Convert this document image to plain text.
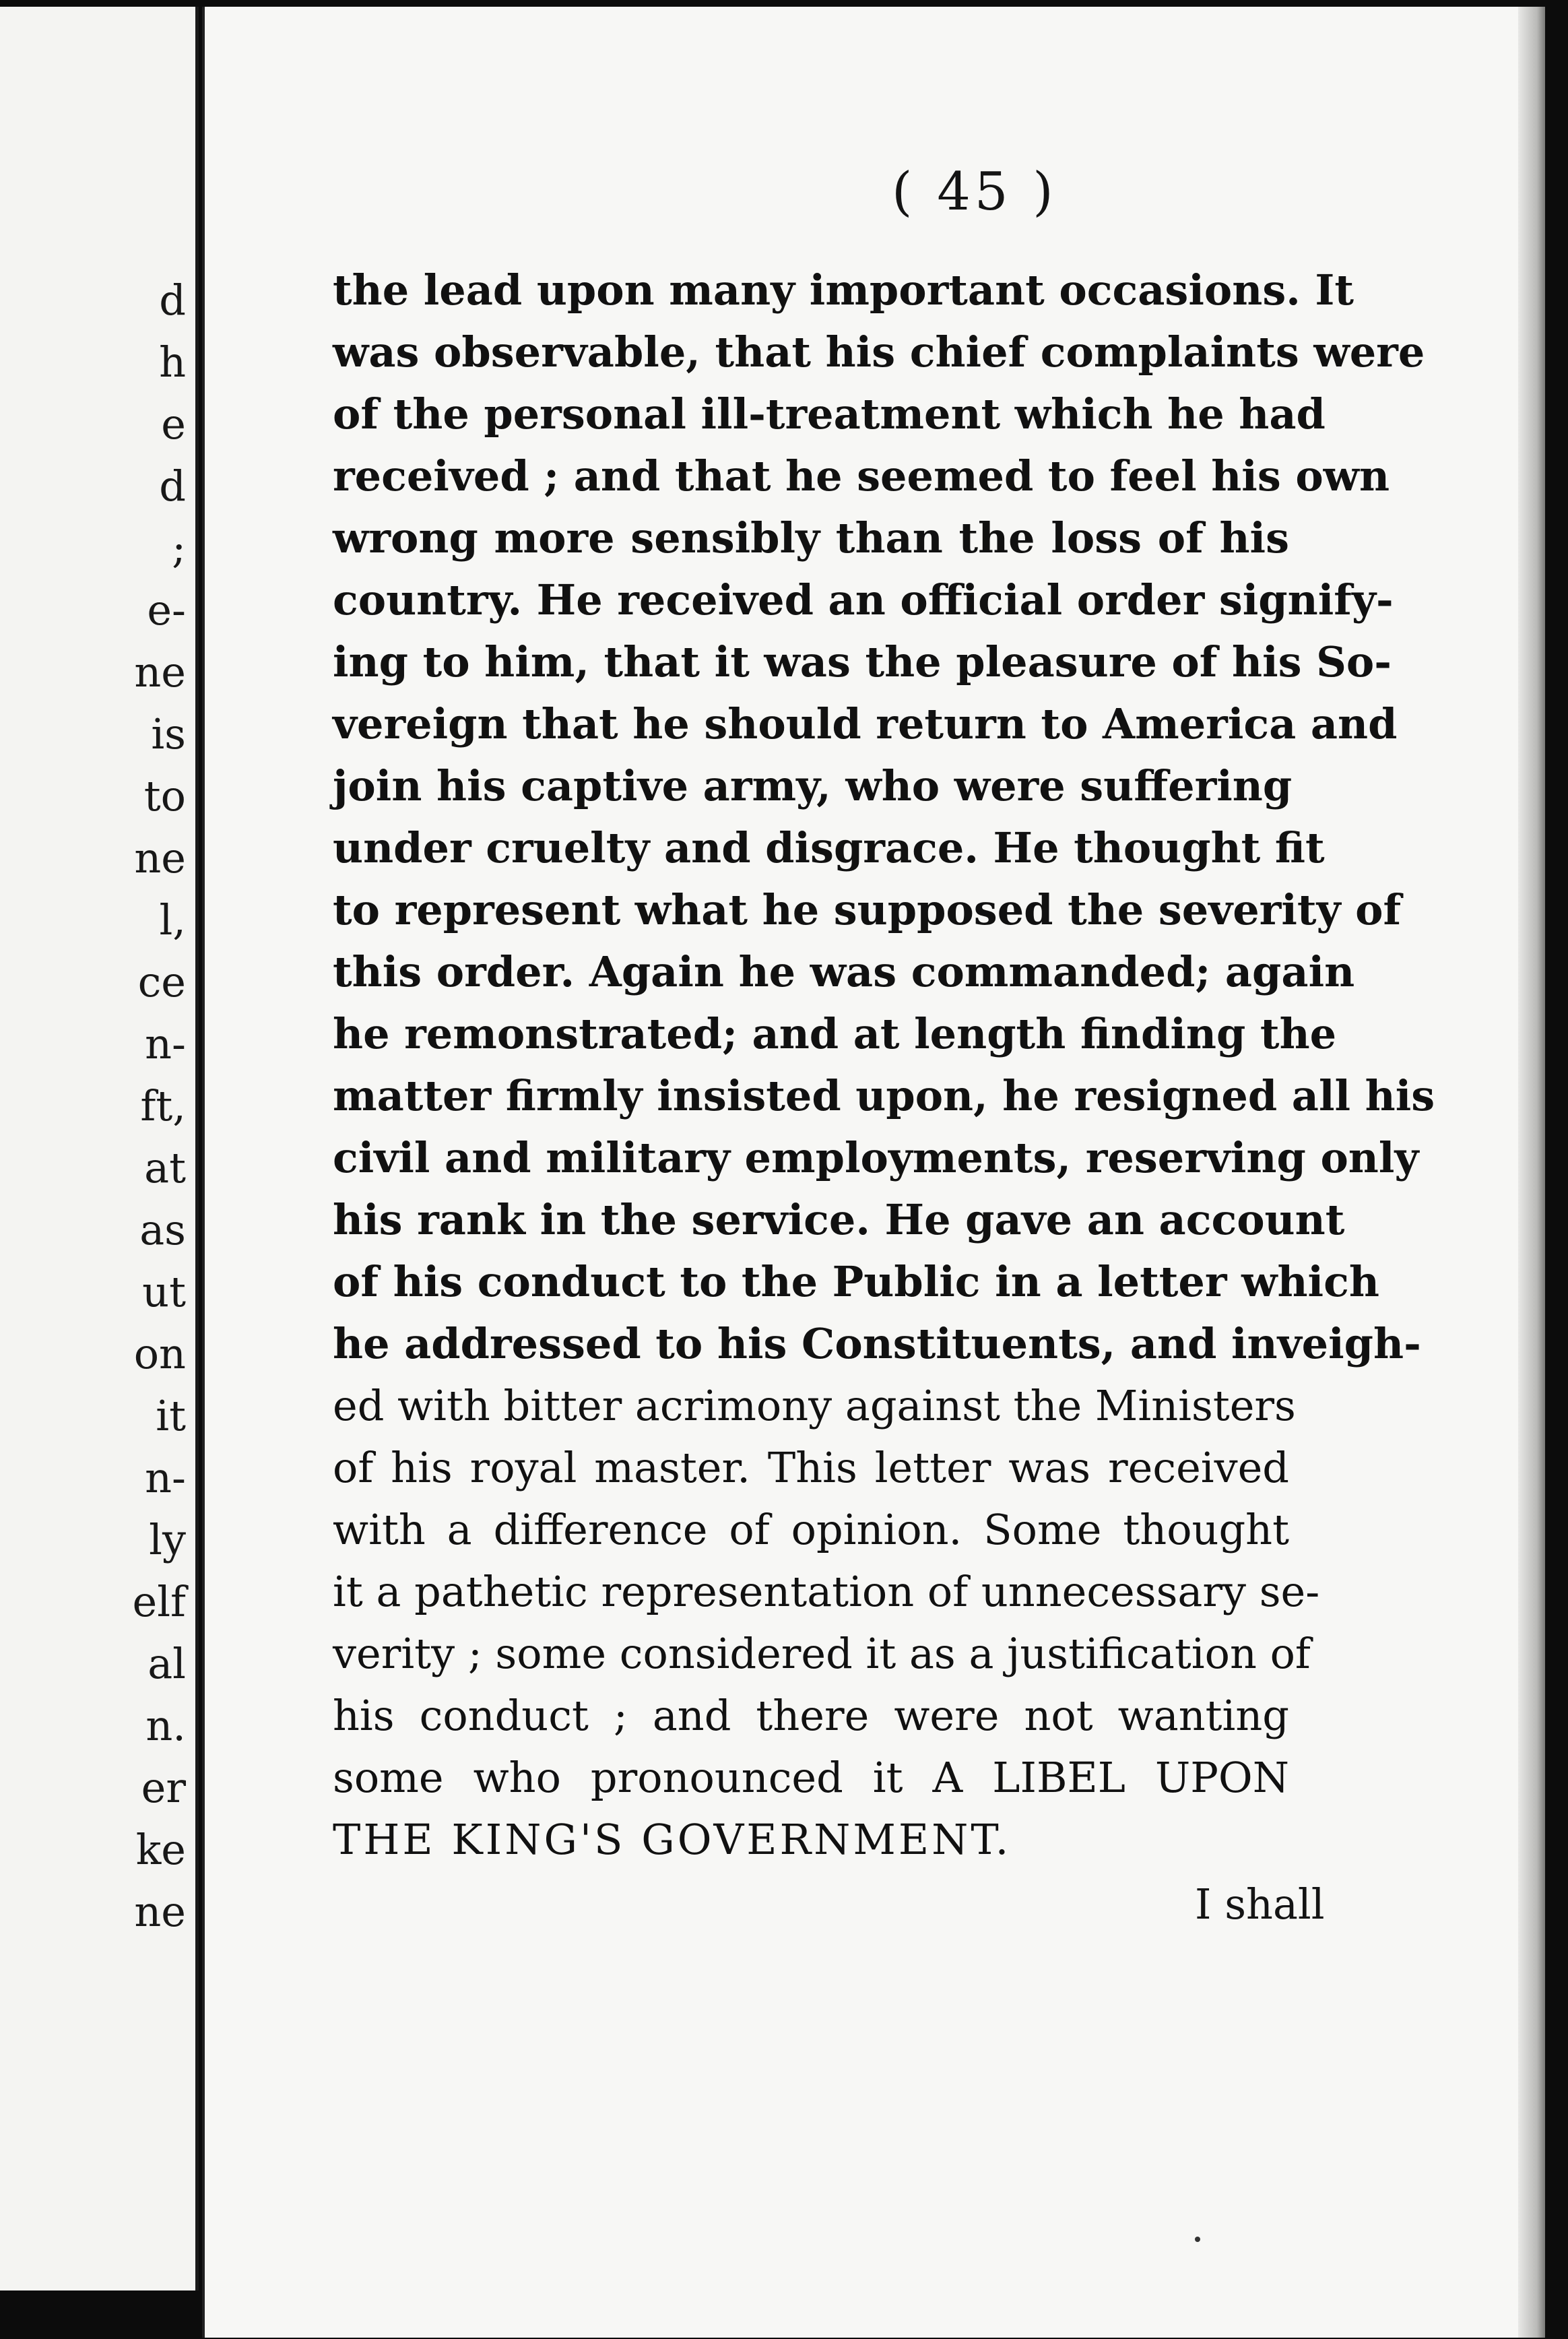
d
h
e
d
;
e-
ne
is
to
ne
l,
ce
n-
ft,
at
as
ut
on
it
n-
ly
elf
al
n.
er
ke
ne
( 45 )
the lead upon many important occasions. It
was observable, that his chief complaints were
of the personal ill-treatment which he had
received ; and that he seemed to feel his own
wrong more sensibly than the loss of his
country. He received an official order signify-
ing to him, that it was the pleasure of his So-
vereign that he should return to America and
join his captive army, who were suffering
under cruelty and disgrace. He thought fit
to represent what he supposed the severity of
this order. Again he was commanded; again
he remonstrated; and at length finding the
matter firmly insisted upon, he resigned all his
civil and military employments, reserving only
his rank in the service. He gave an account
of his conduct to the Public in a letter which
he addressed to his Constituents, and inveigh-
ed with bitter acrimony against the Ministers
of his royal master. This letter was received
with a difference of opinion. Some thought
it a pathetic representation of unnecessary se-
verity ; some considered it as a justification of
his conduct ; and there were not wanting
some who pronounced it A LIBEL UPON
THE KING'S GOVERNMENT.
I shall
